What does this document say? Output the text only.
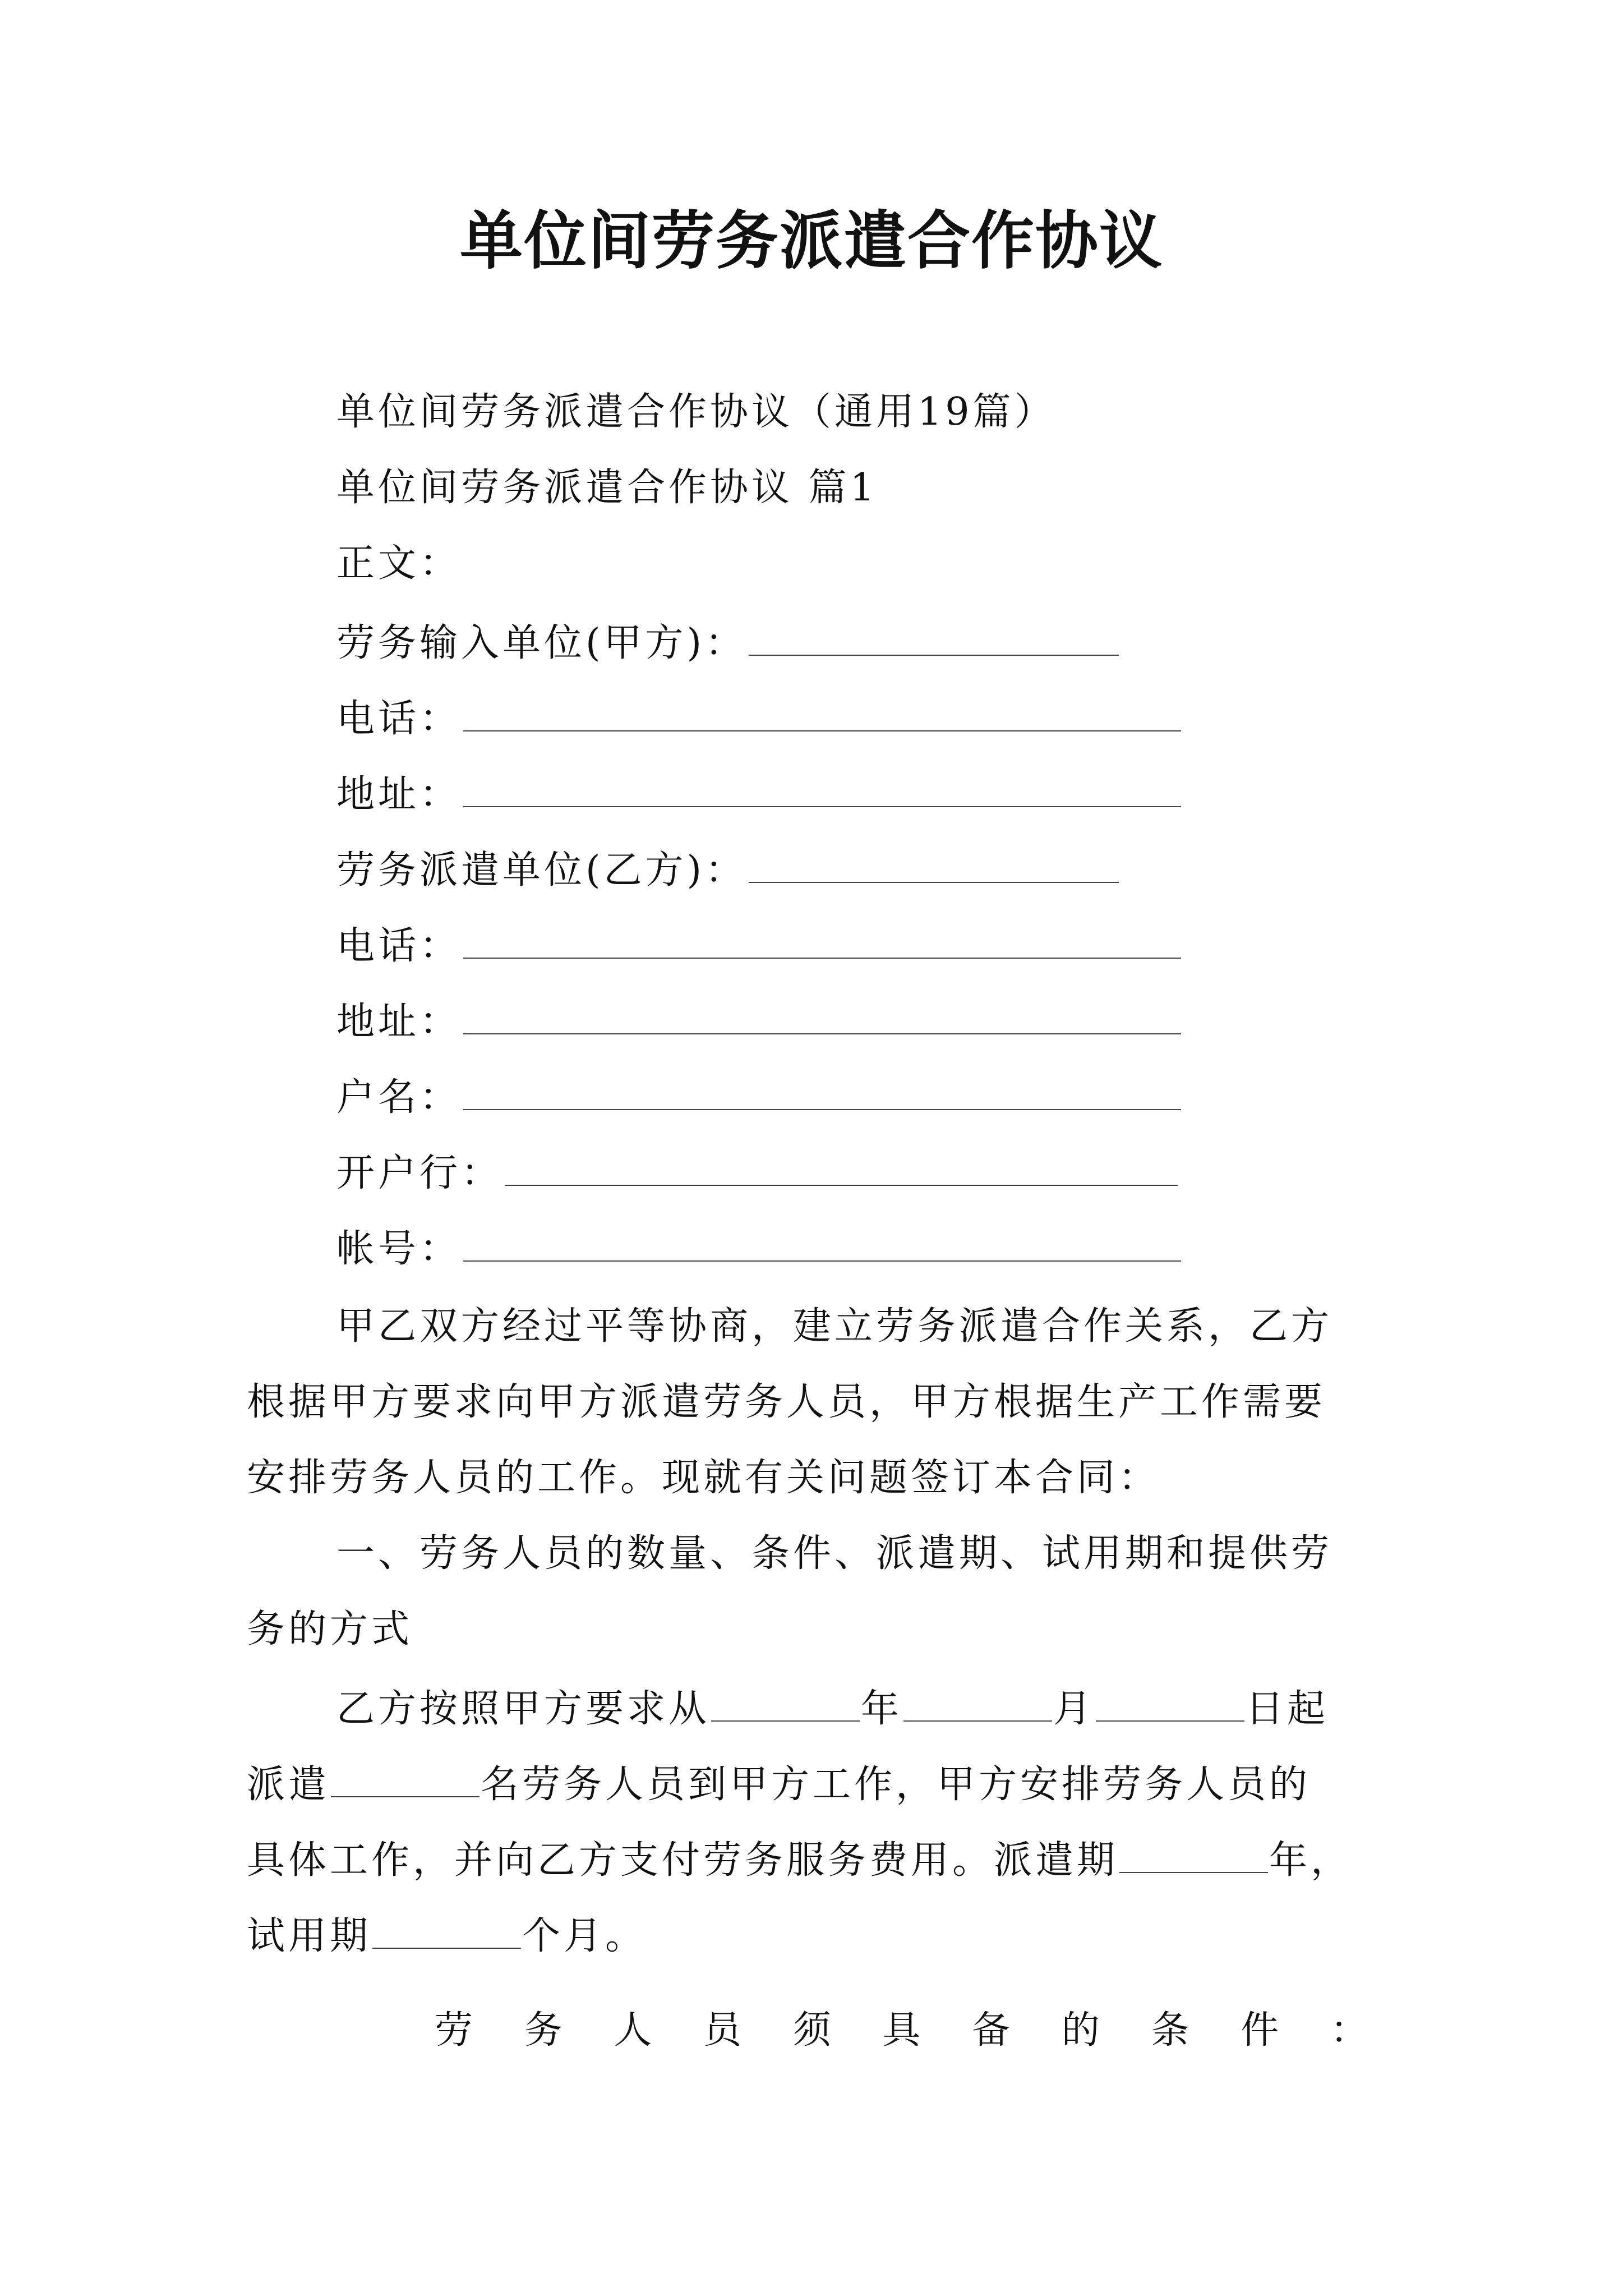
单位间劳务派遣合作协议
单位间劳务派遣合作协议（通用19篇）
单位间劳务派遣合作协议 篇1
正文：
劳务输入单位(甲方)：
电话：
地址：
劳务派遣单位(乙方)：
电话：
地址：
户名：
开户行：
帐号：
甲乙双方经过平等协商，建立劳务派遣合作关系，乙方
根据甲方要求向甲方派遣劳务人员，甲方根据生产工作需要
安排劳务人员的工作。现就有关问题签订本合同：
一、劳务人员的数量、条件、派遣期、试用期和提供劳
务的方式
乙方按照甲方要求从	年	月	日起
派遣	名劳务人员到甲方工作，甲方安排劳务人员的
具体工作，并向乙方支付劳务服务费用。派遣期	年，
试用期	个月。
劳 务 人 员 须 具 备 的 条 件 ：
